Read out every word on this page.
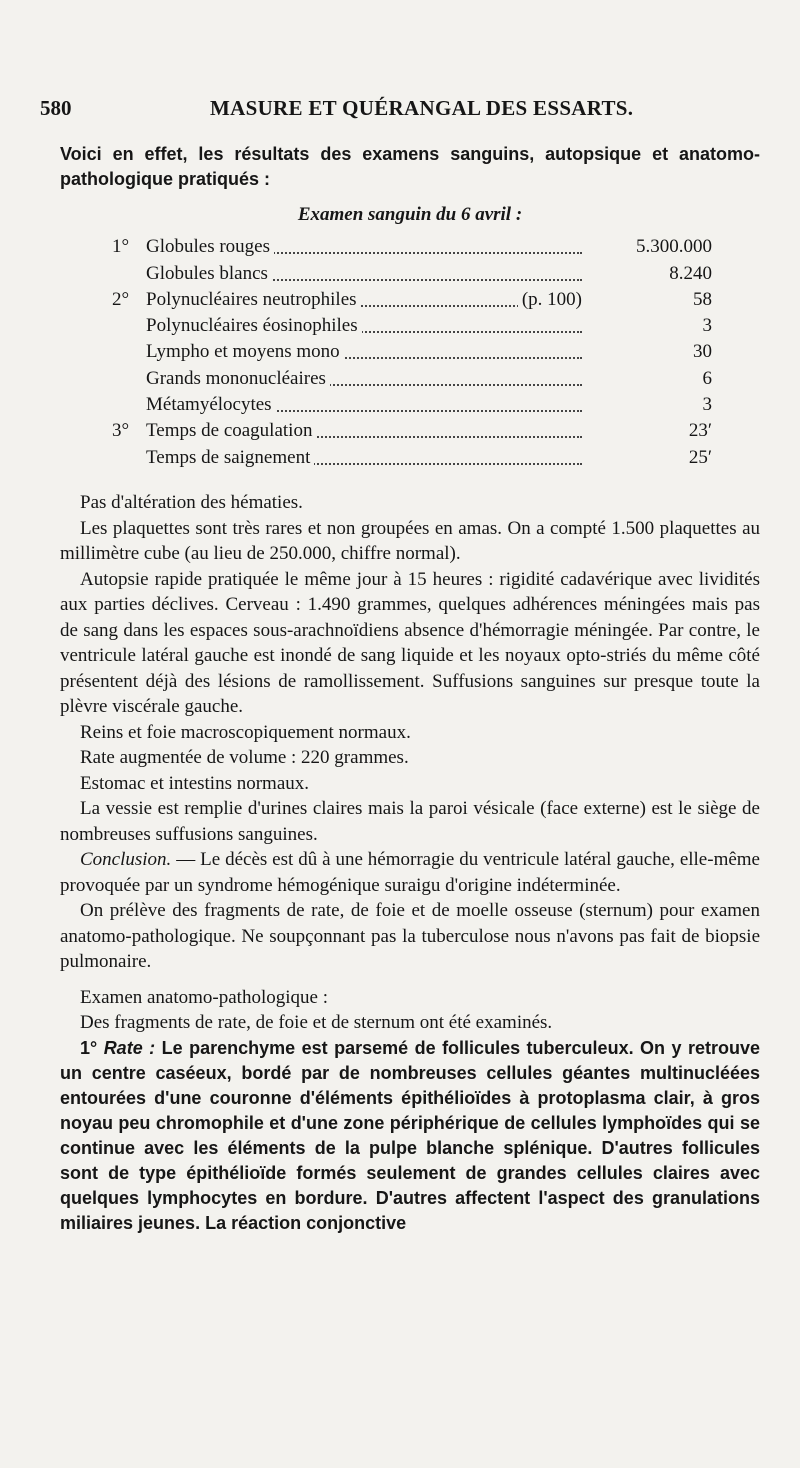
580	MASURE ET QUÉRANGAL DES ESSARTS.

Voici en effet, les résultats des examens sanguins, autopsique et anatomo-pathologique pratiqués :

Examen sanguin du 6 avril :
1°	Globules rouges	5.300.000

Globules blancs	8.240
2°	Polynucléaires neutrophiles (p. 100)	58

Polynucléaires éosinophiles	3

Lympho et moyens mono	30

Grands mononucléaires	6

Métamyélocytes	3
3°	Temps de coagulation	23′

Temps de saignement	25′

Pas d'altération des hématies.

Les plaquettes sont très rares et non groupées en amas. On a compté 1.500 plaquettes au millimètre cube (au lieu de 250.000, chiffre normal).

Autopsie rapide pratiquée le même jour à 15 heures : rigidité cadavérique avec lividités aux parties déclives. Cerveau : 1.490 grammes, quelques adhérences méningées mais pas de sang dans les espaces sous-arachnoïdiens absence d'hémorragie méningée. Par contre, le ventricule latéral gauche est inondé de sang liquide et les noyaux opto-striés du même côté présentent déjà des lésions de ramollissement. Suffusions sanguines sur presque toute la plèvre viscérale gauche.

Reins et foie macroscopiquement normaux.

Rate augmentée de volume : 220 grammes.

Estomac et intestins normaux.

La vessie est remplie d'urines claires mais la paroi vésicale (face externe) est le siège de nombreuses suffusions sanguines.

Conclusion. — Le décès est dû à une hémorragie du ventricule latéral gauche, elle-même provoquée par un syndrome hémogénique suraigu d'origine indéterminée.

On prélève des fragments de rate, de foie et de moelle osseuse (sternum) pour examen anatomo-pathologique. Ne soupçonnant pas la tuberculose nous n'avons pas fait de biopsie pulmonaire.

Examen anatomo-pathologique :

Des fragments de rate, de foie et de sternum ont été examinés.

1° Rate : Le parenchyme est parsemé de follicules tuberculeux. On y retrouve un centre caséeux, bordé par de nombreuses cellules géantes multinucléées entourées d'une couronne d'éléments épithélioïdes à protoplasma clair, à gros noyau peu chromophile et d'une zone périphérique de cellules lymphoïdes qui se continue avec les éléments de la pulpe blanche splénique. D'autres follicules sont de type épithélioïde formés seulement de grandes cellules claires avec quelques lymphocytes en bordure. D'autres affectent l'aspect des granulations miliaires jeunes. La réaction conjonctive
